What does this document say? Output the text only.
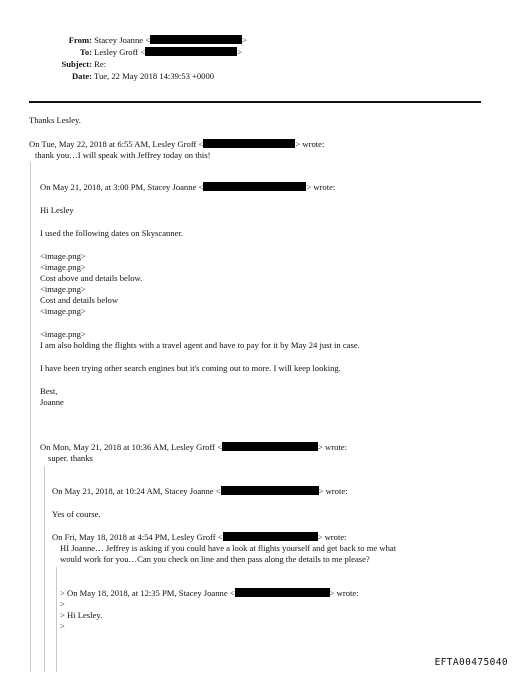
From: Stacey Joanne <	>
To: Lesley Groff <	>
Subject: Re:
Date: Tue, 22 May 2018 14:39:53 +0000
Thanks Lesley.
On Tue, May 22, 2018 at 6:55 AM, Lesley Groff <	> wrote:
thank you…I will speak with Jeffrey today on this!
On May 21, 2018, at 3:00 PM, Stacey Joanne <	> wrote:
Hi Lesley
I used the following dates on Skyscanner.
<image.png>
<image.png>
Cost above and details below.
<image.png>
Cost and details below
<image.png>
<image.png>
I am also holding the flights with a travel agent and have to pay for it by May 24 just in case.
I have been trying other search engines but it's coming out to more. I will keep looking.
Best,
Joanne
On Mon, May 21, 2018 at 10:36 AM, Lesley Groff <	> wrote:
super. thanks
On May 21, 2018, at 10:24 AM, Stacey Joanne <	> wrote:
Yes of course.
On Fri, May 18, 2018 at 4:54 PM, Lesley Groff <	> wrote:
HI Joanne… Jeffrey is asking if you could have a look at flights yourself and get back to me what
would work for you…Can you check on line and then pass along the details to me please?
> On May 18, 2018, at 12:35 PM, Stacey Joanne <	> wrote:
>
> Hi Lesley.
>
EFTA00475040
